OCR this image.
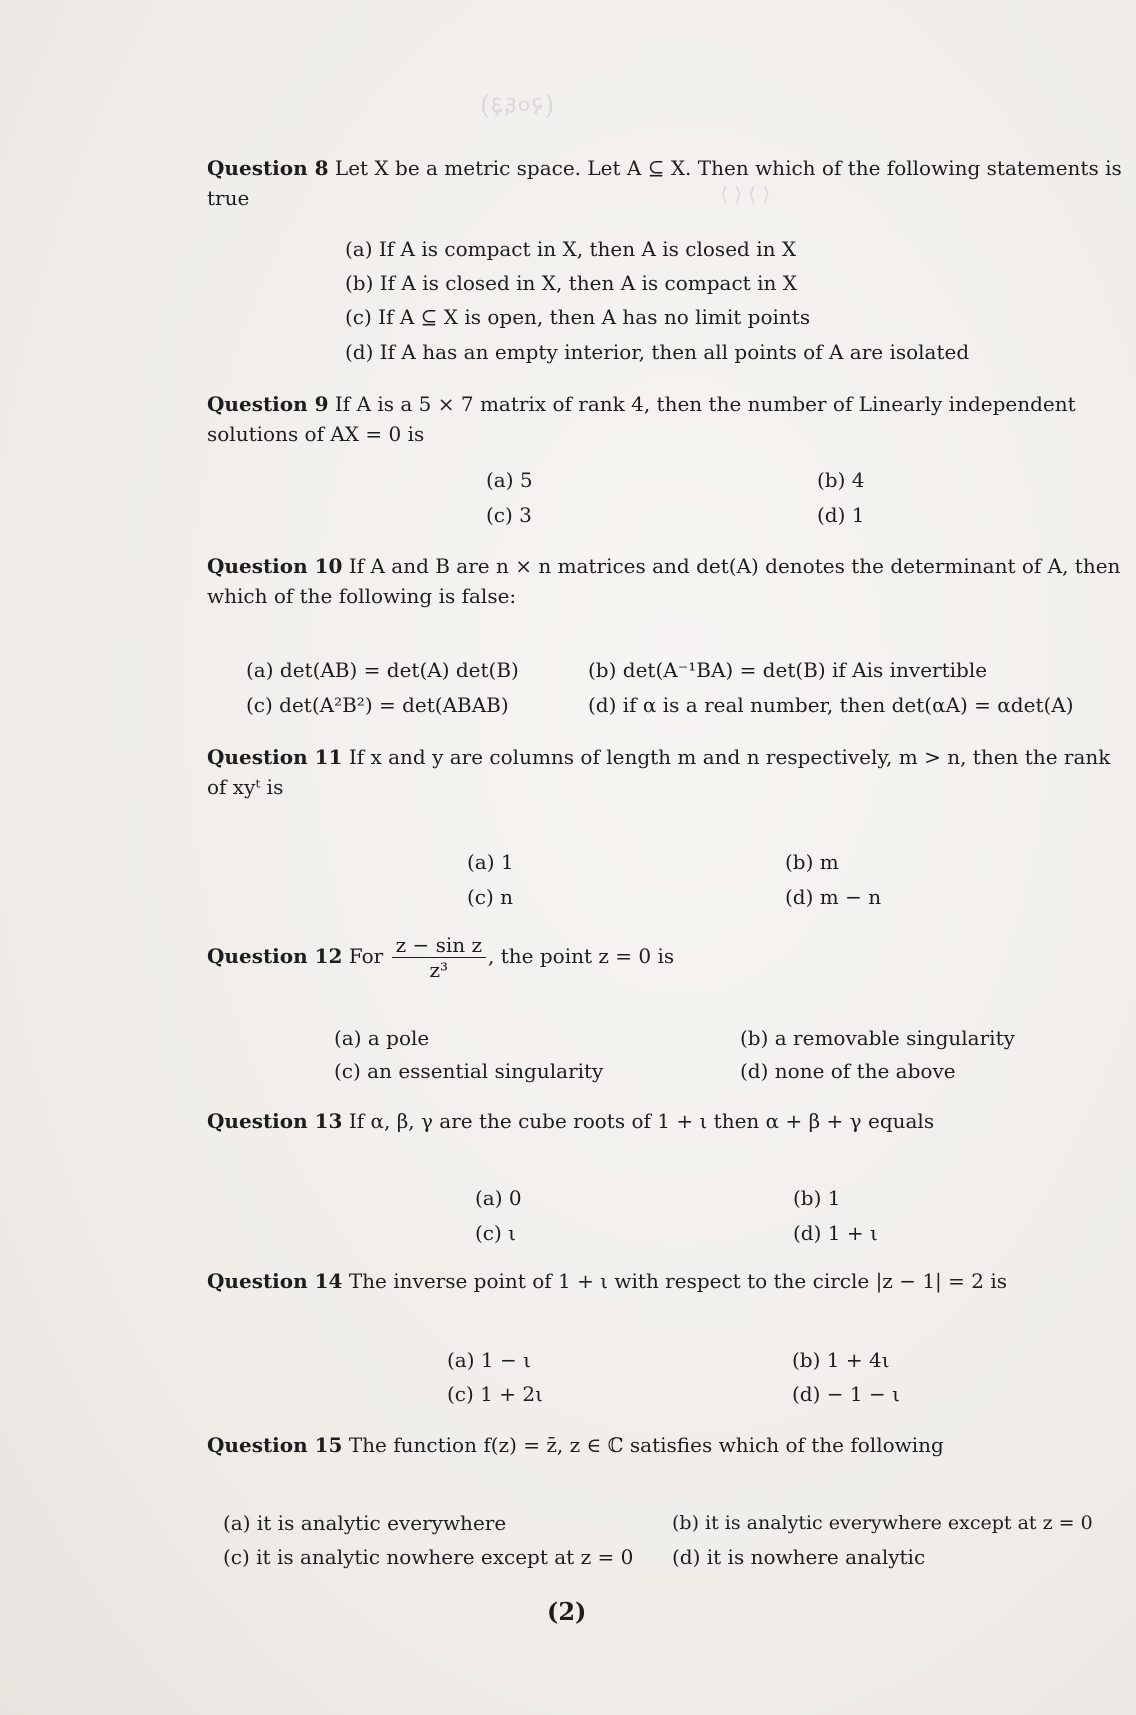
(२०६३)
⟨ ⟩ ⟨ ⟩
Question 8 Let X be a metric space. Let A ⊆ X. Then which of the following statements is true
(a) If A is compact in X, then A is closed in X
(b) If A is closed in X, then A is compact in X
(c) If A ⊆ X is open, then A has no limit points
(d) If A has an empty interior, then all points of A are isolated
Question 9 If A is a 5 × 7 matrix of rank 4, then the number of Linearly independent solutions of AX = 0 is
(a) 5	(b) 4
(c) 3	(d) 1
Question 10 If A and B are n × n matrices and det(A) denotes the determinant of A, then which of the following is false:
(a) det(AB) = det(A) det(B)	(b) det(A⁻¹BA) = det(B) if Ais invertible
(c) det(A²B²) = det(ABAB)	(d) if α is a real number, then det(αA) = αdet(A)
Question 11 If x and y are columns of length m and n respectively, m > n, then the rank of xyᵗ is
(a) 1	(b) m
(c) n	(d) m − n
Question 12 For $\frac{\text{z − sin z}}{\text{z³}}$ , the point z = 0 is
(a) a pole	(b) a removable singularity
(c) an essential singularity	(d) none of the above
Question 13 If α, β, γ are the cube roots of 1 + ι then α + β + γ equals
(a) 0	(b) 1
(c) ι	(d) 1 + ι
Question 14 The inverse point of 1 + ι with respect to the circle |z − 1| = 2 is
(a) 1 − ι	(b) 1 + 4ι
(c) 1 + 2ι	(d) − 1 − ι
Question 15 The function f(z) = z̄, z ∈ ℂ satisfies which of the following
(a) it is analytic everywhere	(b) it is analytic everywhere except at z = 0
(c) it is analytic nowhere except at z = 0 (d) it is nowhere analytic
(2)
